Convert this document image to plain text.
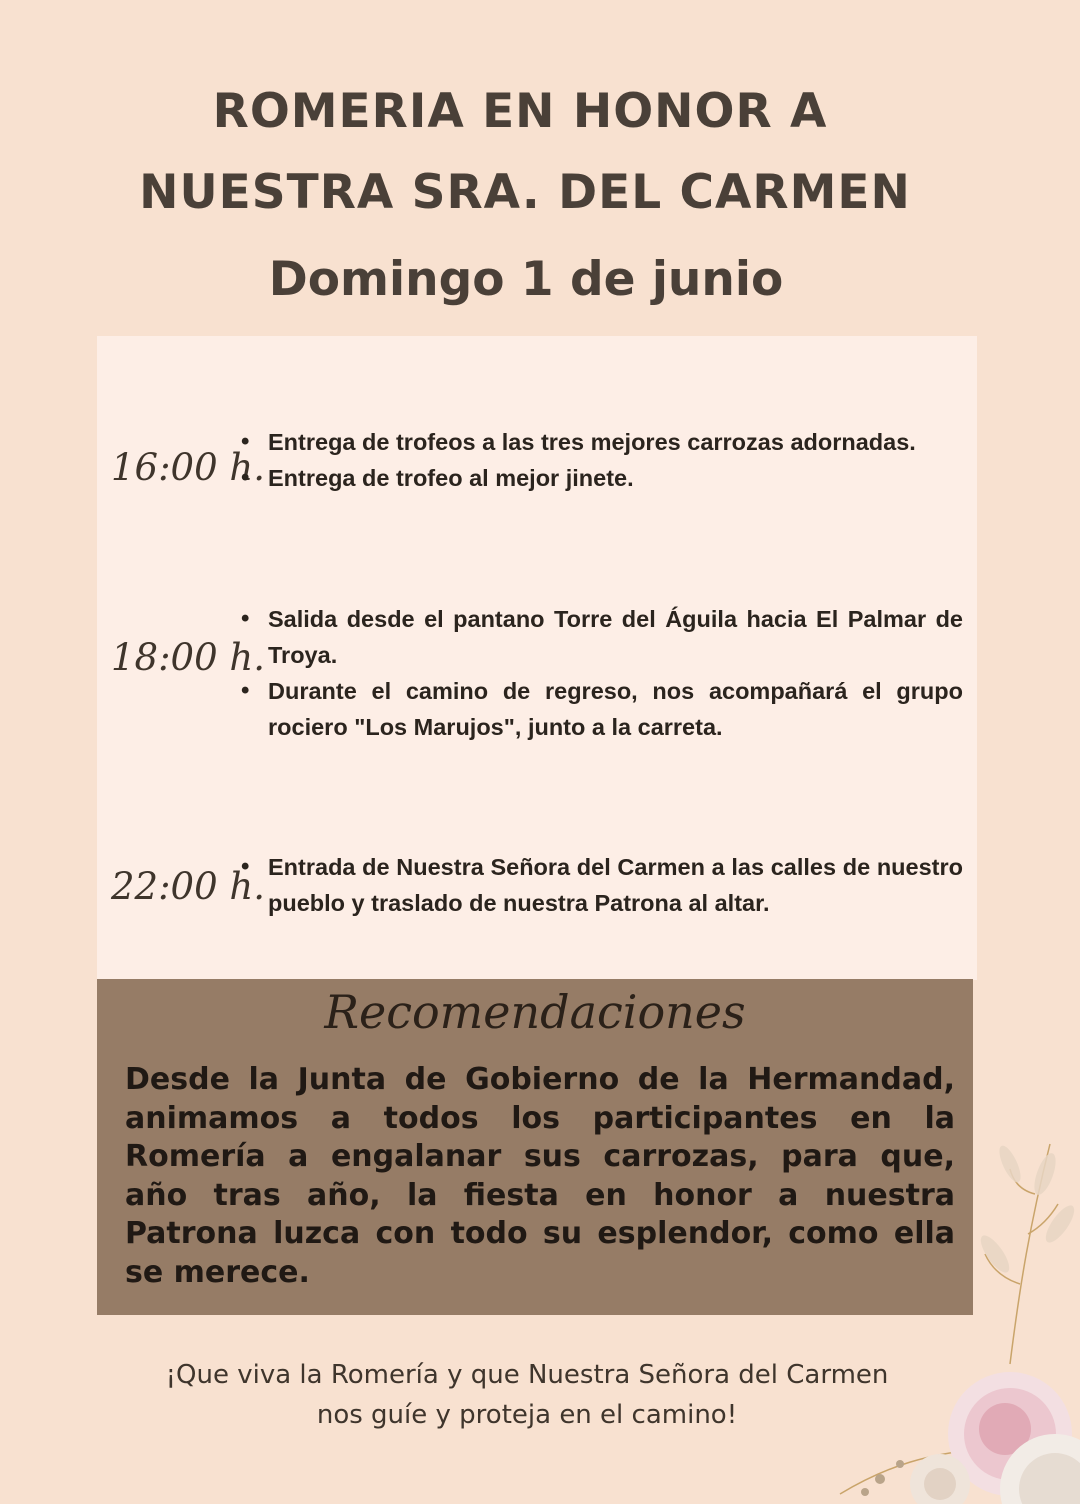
ROMERIA EN HONOR A
NUESTRA SRA. DEL CARMEN
Domingo 1 de junio
16:00 h.
• Entrega de trofeos a las tres mejores carrozas adornadas.
• Entrega de trofeo al mejor jinete.
18:00 h.
• Salida desde el pantano Torre del Águila hacia El Palmar de Troya.
• Durante el camino de regreso, nos acompañará el grupo rociero "Los Marujos", junto a la carreta.
22:00 h.
• Entrada de Nuestra Señora del Carmen a las calles de nuestro pueblo y traslado de nuestra Patrona al altar.
Recomendaciones

Desde la Junta de Gobierno de la Hermandad, animamos a todos los participantes en la Romería a engalanar sus carrozas, para que, año tras año, la fiesta en honor a nuestra Patrona luzca con todo su esplendor, como ella se merece.

¡Que viva la Romería y que Nuestra Señora del Carmen
nos guíe y proteja en el camino!
